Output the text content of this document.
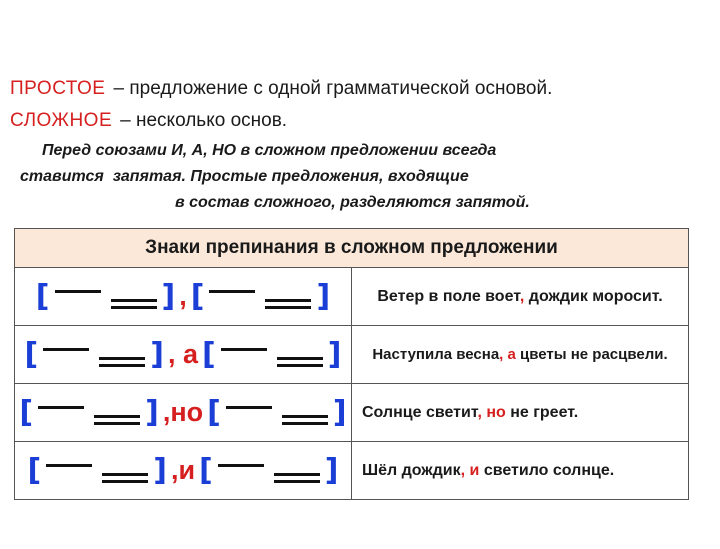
ПРОСТОЕ – предложение с одной грамматической основой.
СЛОЖНОЕ – несколько основ.
Перед союзами И, А, НО в сложном предложении всегда
ставится  запятая. Простые предложения, входящие
в состав сложного, разделяются запятой.
Знаки препинания в сложном предложении	

[ ] , [ ]	Ветер в поле воет, дождик моросит.

[ ] , а [ ]	Наступила весна, а цветы не расцвели.

[ ] ,но [ ]	Солнце светит, но не греет.

[ ] ,и [ ]	Шёл дождик, и светило солнце.
